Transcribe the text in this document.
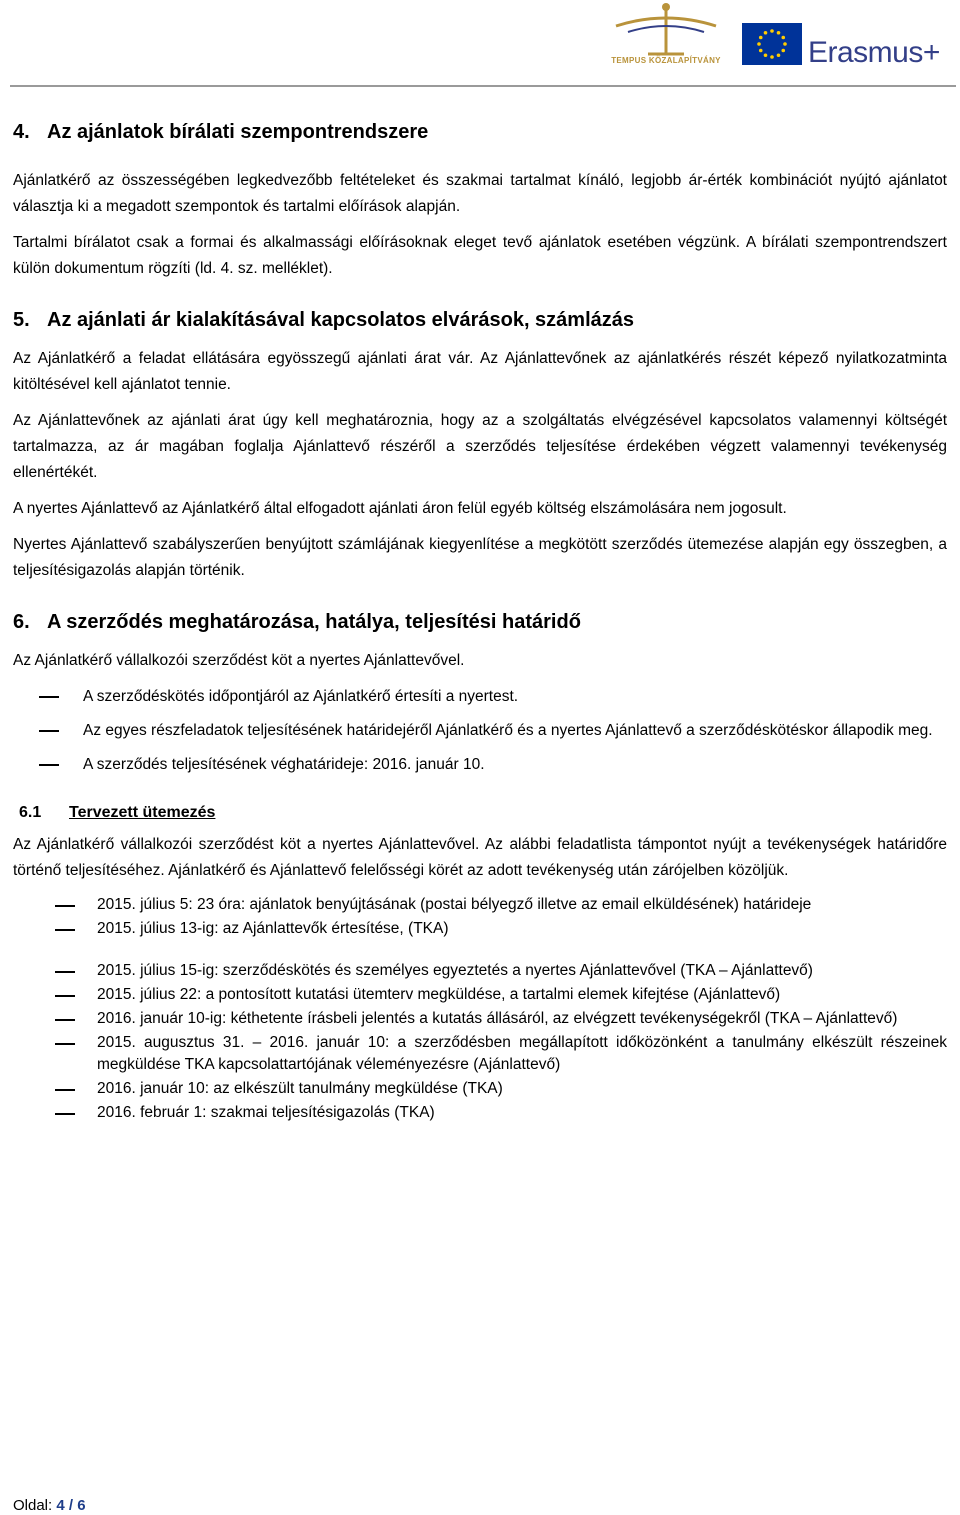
TEMPUS KÖZALAPÍTVÁNY	Erasmus+
4. Az ajánlatok bírálati szempontrendszere

Ajánlatkérő az összességében legkedvezőbb feltételeket és szakmai tartalmat kínáló, legjobb ár-érték kombinációt nyújtó ajánlatot választja ki a megadott szempontok és tartalmi előírások alapján.

Tartalmi bírálatot csak a formai és alkalmassági előírásoknak eleget tevő ajánlatok esetében végzünk. A bírálati szempontrendszert külön dokumentum rögzíti (ld. 4. sz. melléklet).

5. Az ajánlati ár kialakításával kapcsolatos elvárások, számlázás

Az Ajánlatkérő a feladat ellátására egyösszegű ajánlati árat vár. Az Ajánlattevőnek az ajánlatkérés részét képező nyilatkozatminta kitöltésével kell ajánlatot tennie.

Az Ajánlattevőnek az ajánlati árat úgy kell meghatároznia, hogy az a szolgáltatás elvégzésével kapcsolatos valamennyi költségét tartalmazza, az ár magában foglalja Ajánlattevő részéről a szerződés teljesítése érdekében végzett valamennyi tevékenység ellenértékét.

A nyertes Ajánlattevő az Ajánlatkérő által elfogadott ajánlati áron felül egyéb költség elszámolására nem jogosult.

Nyertes Ajánlattevő szabályszerűen benyújtott számlájának kiegyenlítése a megkötött szerződés ütemezése alapján egy összegben, a teljesítésigazolás alapján történik.

6. A szerződés meghatározása, hatálya, teljesítési határidő

Az Ajánlatkérő vállalkozói szerződést köt a nyertes Ajánlattevővel.

A szerződéskötés időpontjáról az Ajánlatkérő értesíti a nyertest.
Az egyes részfeladatok teljesítésének határidejéről Ajánlatkérő és a nyertes Ajánlattevő a szerződéskötéskor állapodik meg.
A szerződés teljesítésének véghatárideje: 2016. január 10.
6.1 Tervezett ütemezés

Az Ajánlatkérő vállalkozói szerződést köt a nyertes Ajánlattevővel. Az alábbi feladatlista támpontot nyújt a tevékenységek határidőre történő teljesítéséhez. Ajánlatkérő és Ajánlattevő felelősségi körét az adott tevékenység után zárójelben közöljük.

2015. július 5: 23 óra: ajánlatok benyújtásának (postai bélyegző illetve az email elküldésének) határideje
2015. július 13-ig: az Ajánlattevők értesítése, (TKA)
2015. július 15-ig: szerződéskötés és személyes egyeztetés a nyertes Ajánlattevővel (TKA – Ajánlattevő)
2015. július 22: a pontosított kutatási ütemterv megküldése, a tartalmi elemek kifejtése (Ajánlattevő)
2016. január 10-ig: kéthetente írásbeli jelentés a kutatás állásáról, az elvégzett tevékenységekről (TKA – Ajánlattevő)
2015. augusztus 31. – 2016. január 10: a szerződésben megállapított időközönként a tanulmány elkészült részeinek megküldése TKA kapcsolattartójának véleményezésre (Ajánlattevő)
2016. január 10: az elkészült tanulmány megküldése (TKA)
2016. február 1: szakmai teljesítésigazolás (TKA)
Oldal: 4 / 6
